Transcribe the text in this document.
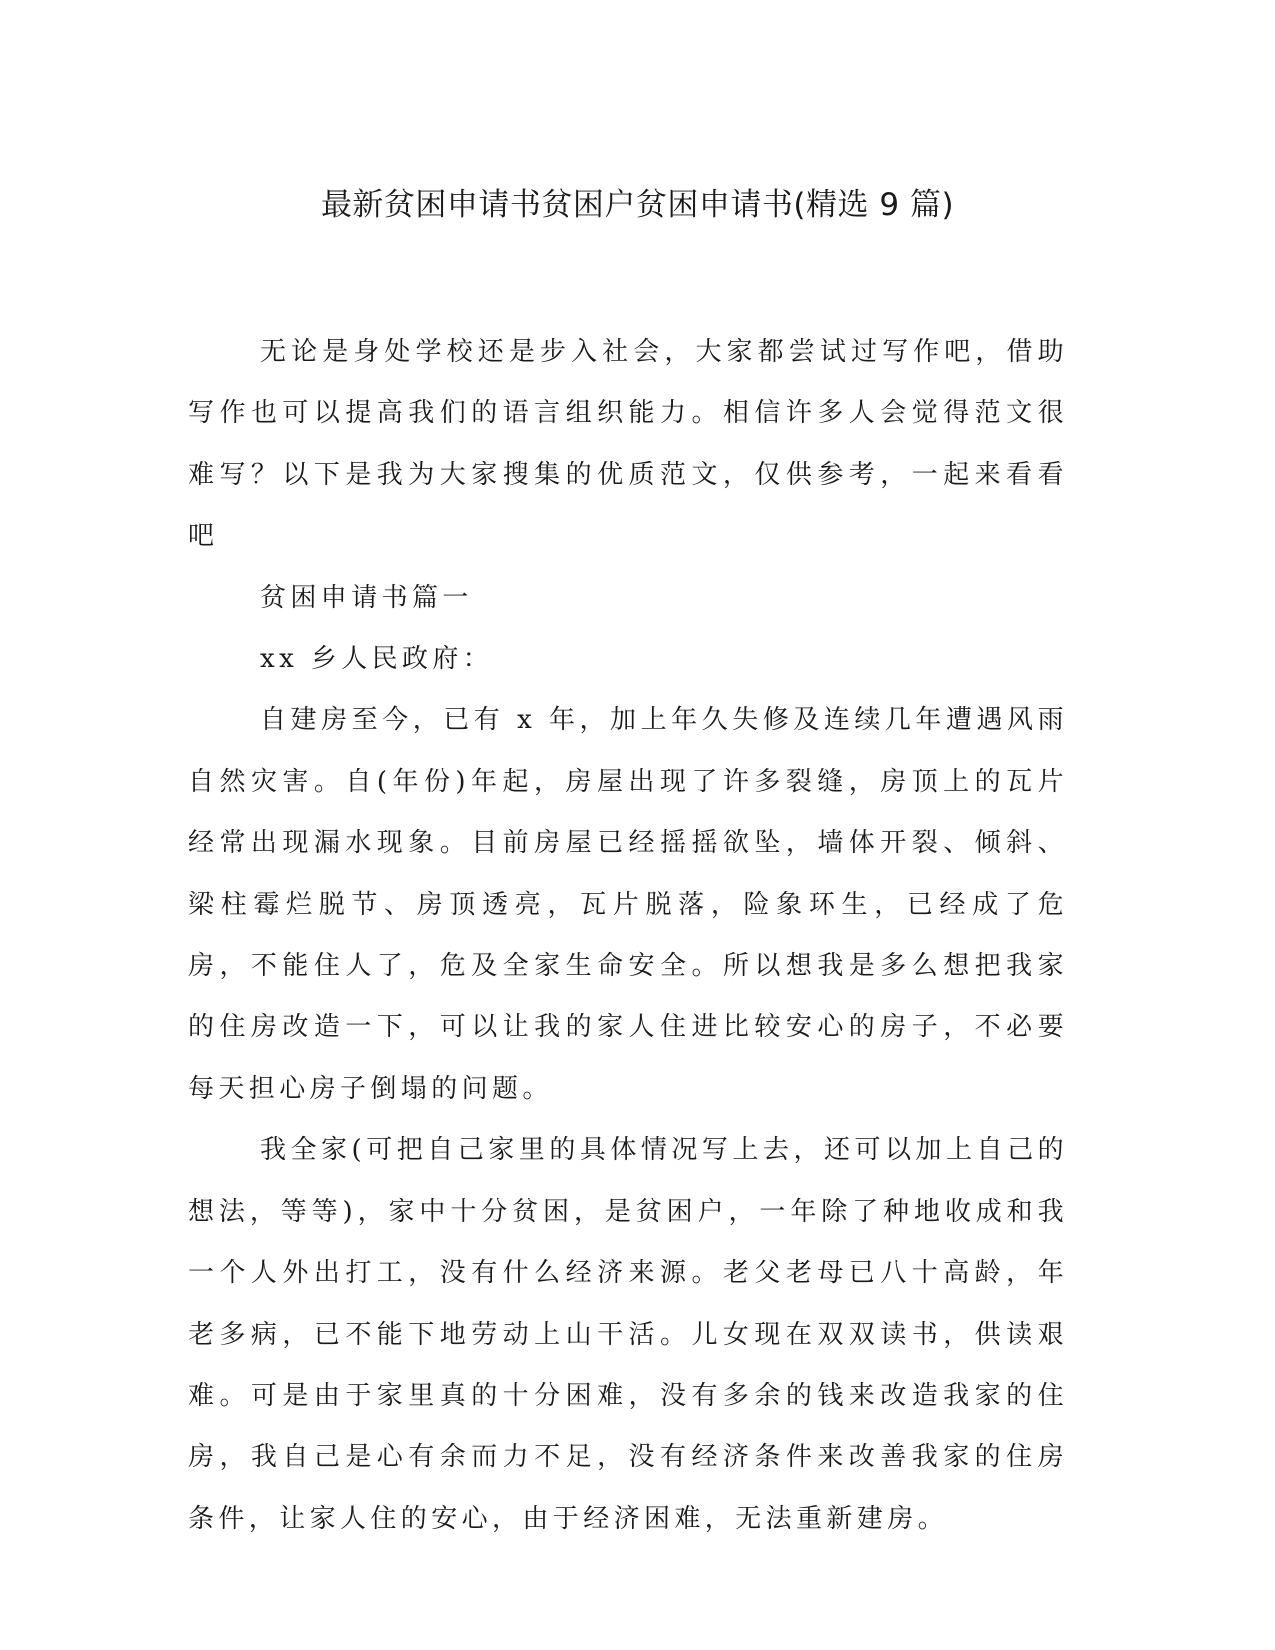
最新贫困申请书贫困户贫困申请书(精选 9 篇)

无论是身处学校还是步入社会，大家都尝试过写作吧，借助写作也可以提高我们的语言组织能力。相信许多人会觉得范文很难写？以下是我为大家搜集的优质范文，仅供参考，一起来看看吧

贫困申请书篇一

xx 乡人民政府：

自建房至今，已有 x 年，加上年久失修及连续几年遭遇风雨自然灾害。自(年份)年起，房屋出现了许多裂缝，房顶上的瓦片经常出现漏水现象。目前房屋已经摇摇欲坠，墙体开裂、倾斜、梁柱霉烂脱节、房顶透亮，瓦片脱落，险象环生，已经成了危房，不能住人了，危及全家生命安全。所以想我是多么想把我家的住房改造一下，可以让我的家人住进比较安心的房子，不必要每天担心房子倒塌的问题。

我全家(可把自己家里的具体情况写上去，还可以加上自己的想法，等等)，家中十分贫困，是贫困户，一年除了种地收成和我一个人外出打工，没有什么经济来源。老父老母已八十高龄，年老多病，已不能下地劳动上山干活。儿女现在双双读书，供读艰难。可是由于家里真的十分困难，没有多余的钱来改造我家的住房，我自己是心有余而力不足，没有经济条件来改善我家的住房条件，让家人住的安心，由于经济困难，无法重新建房。
